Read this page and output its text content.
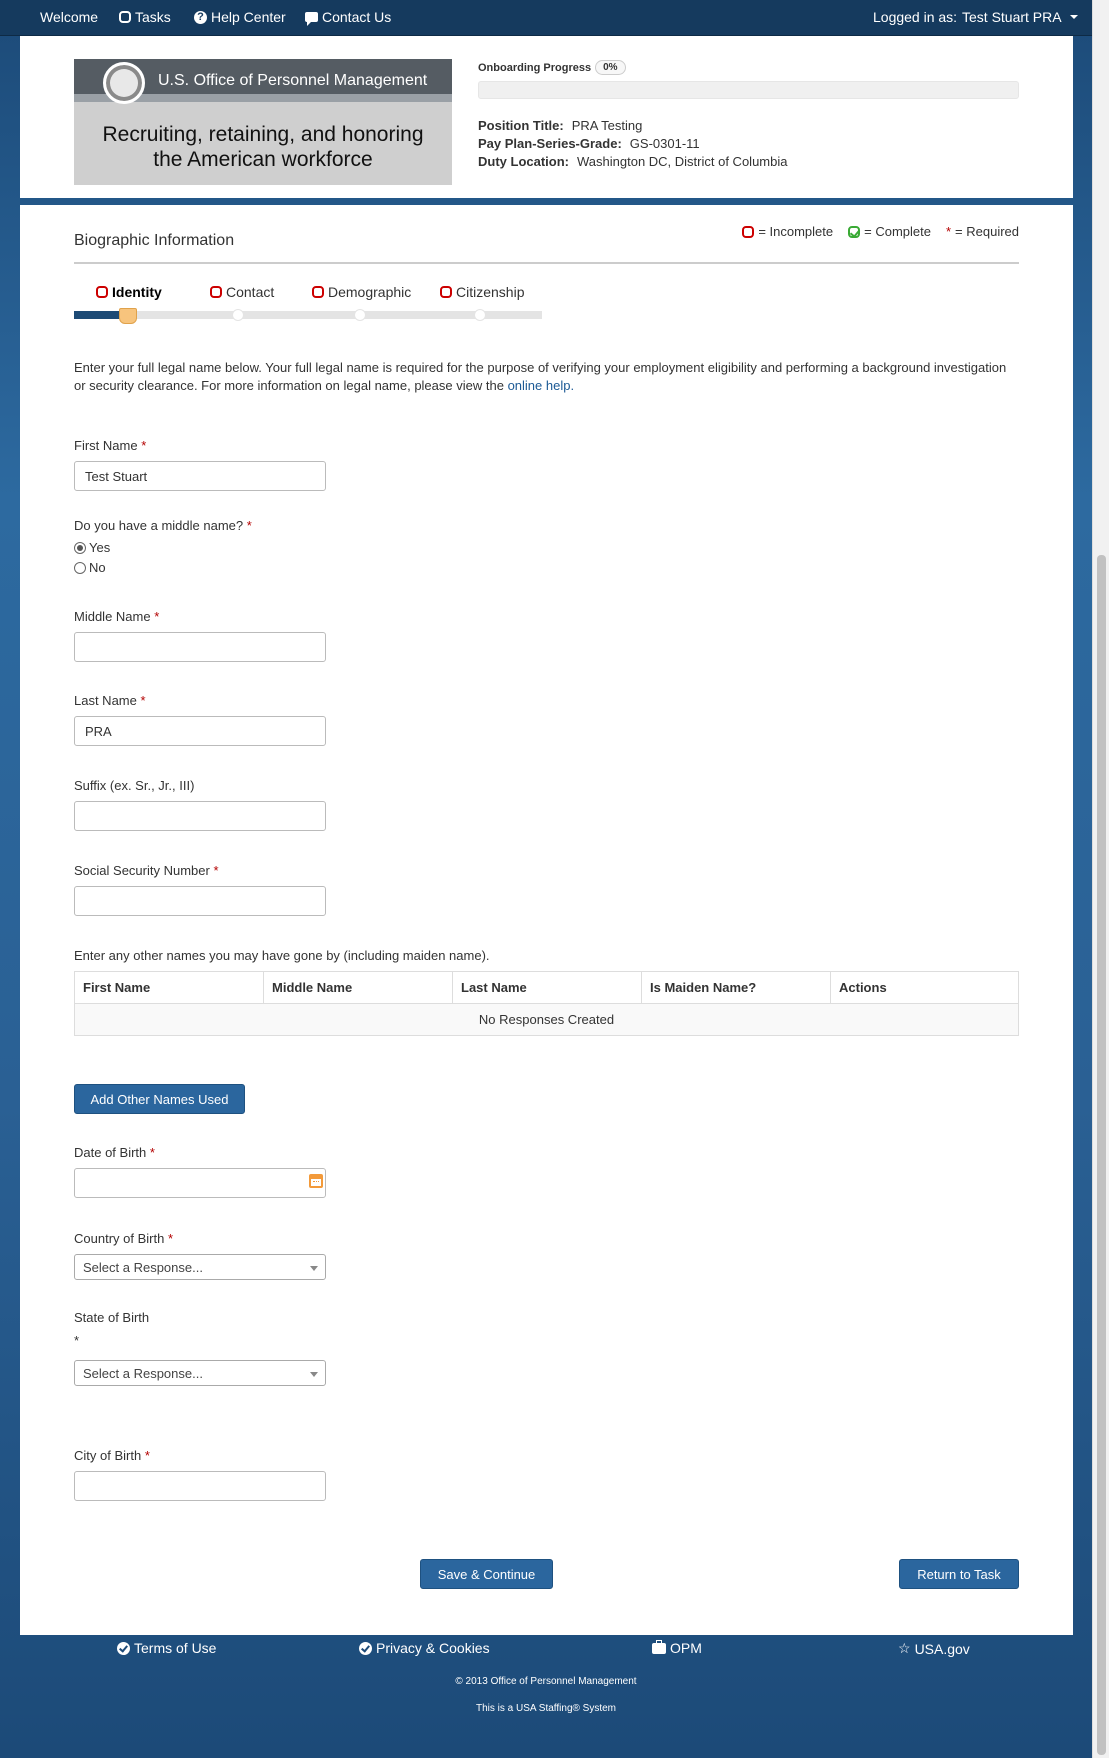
Welcome	Tasks ? Help Center	Contact Us	Logged in as: Test Stuart PRA
U.S. Office of Personnel Management
Recruiting, retaining, and honoring
the American workforce
Onboarding Progress	0%
Position Title: PRA Testing
Pay Plan-Series-Grade: GS-0301-11
Duty Location: Washington DC, District of Columbia
Biographic Information
= Incomplete = Complete * = Required
Identity	Contact	Demographic	Citizenship
Enter your full legal name below. Your full legal name is required for the purpose of verifying your employment eligibility and performing a background investigation or security clearance. For more information on legal name, please view the online help.
First Name *
Test Stuart
Do you have a middle name? *
Yes
No
Middle Name *
Last Name *
PRA
Suffix (ex. Sr., Jr., III)
Social Security Number *
Enter any other names you may have gone by (including maiden name).
First Name	Middle Name	Last Name	Is Maiden Name?	Actions
No Responses Created
Add Other Names Used
Date of Birth *
Country of Birth *
Select a Response...
State of Birth
*
Select a Response...
City of Birth *
Save & Continue	Return to Task
Terms of Use	Privacy & Cookies	OPM	☆ USA.gov
© 2013 Office of Personnel Management
This is a USA Staffing® System
